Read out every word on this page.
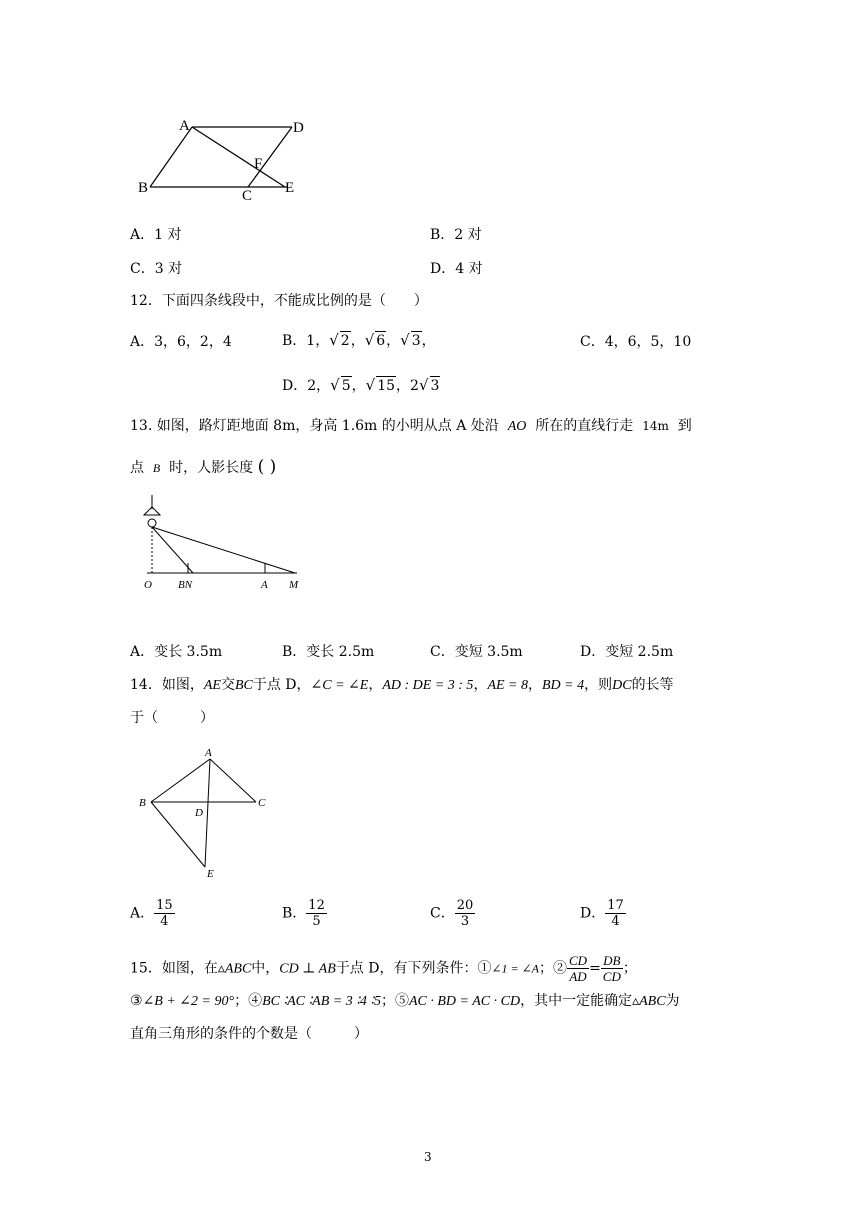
A	D
F
B	C E
A．1 对	B．2 对
C．3 对	D．4 对
12．下面四条线段中，不能成比例的是（　　）
A．3，6，2，4	B．1，√ 2，√ 6，√ 3，	C．4，6，5，10
D．2，√ 5，√ 15，2√ 3
13. 如图，路灯距地面 8m，身高 1.6m 的小明从点 A 处沿 AO 所在的直线行走 14m 到
点 B 时，人影长度 ( )
O BN	A M
A．变长 3.5m	B．变长 2.5m	C．变短 3.5m	D．变短 2.5m
14．如图，AE交BC于点 D，∠C = ∠E，AD : DE = 3 : 5，AE = 8，BD = 4，则DC的长等
于（　　　）
A
B
D
C
E
A． $\frac{15}{4}$	B． $\frac{12}{5}$	C． $\frac{20}{3}$	D． $\frac{17}{4}$
15．如图，在▵ABC中，CD ⊥ AB于点 D，有下列条件：①∠1 = ∠A；② $\frac{CD}{AD} = \frac{DB}{CD}$ ；
③∠B + ∠2 = 90°；④BC ∶AC ∶AB = 3 ∶4 ∶5；⑤AC · BD = AC · CD，其中一定能确定▵ABC为
直角三角形的条件的个数是（　　　）
3
